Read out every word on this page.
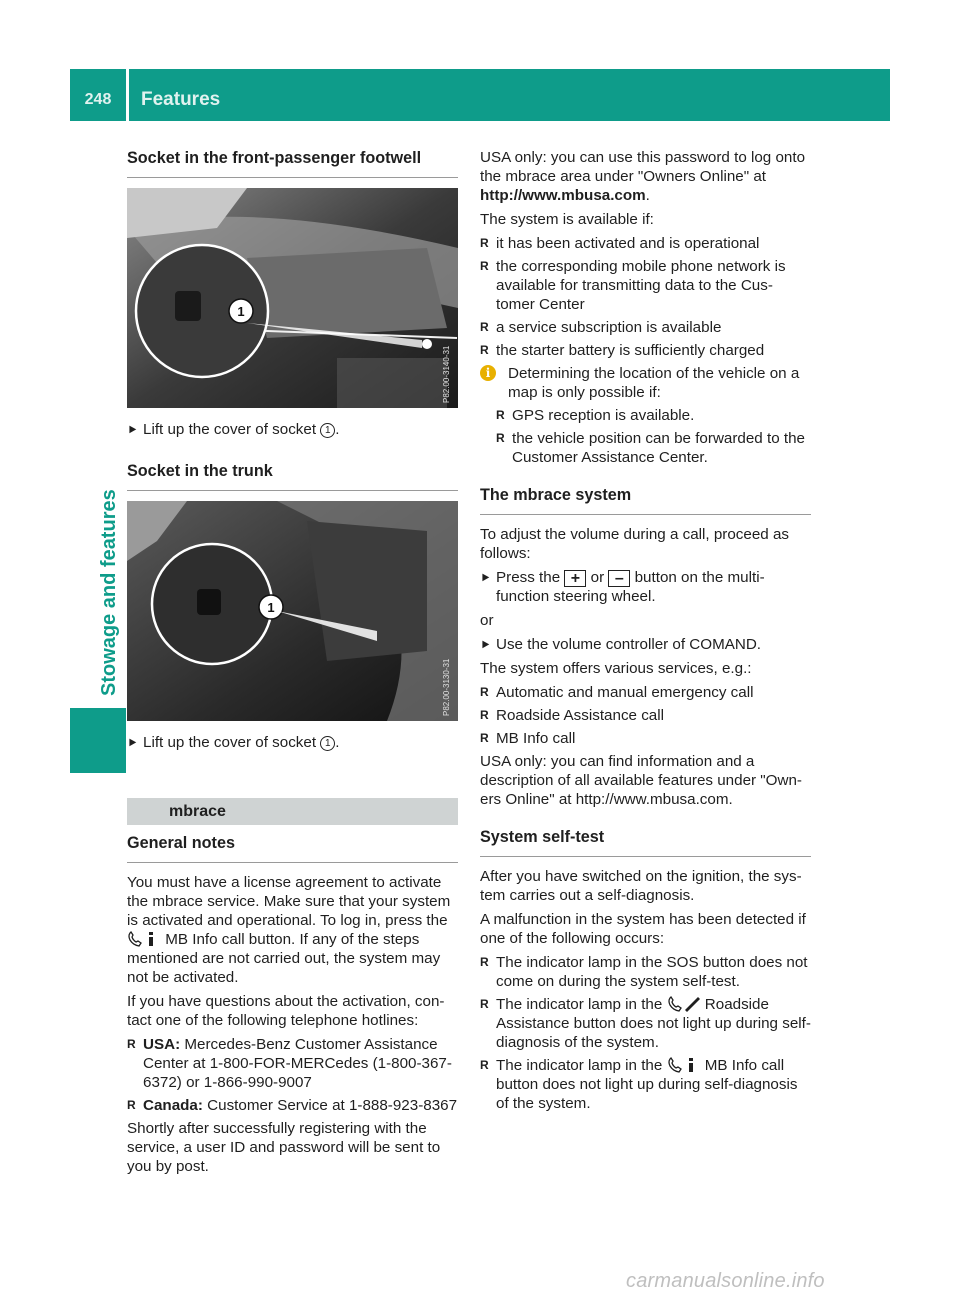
248	Features
Stowage and features
Socket in the front-passenger footwell
1
P82.00-3140-31
▶ Lift up the cover of socket 1 .
Socket in the trunk
1
P82.00-3130-31
▶ Lift up the cover of socket 1 .
mbrace
General notes

You must have a license agreement to activate the mbrace service. Make sure that your system is activated and operational. To log in, press the  MB Info call button. If any of the steps mentioned are not carried out, the system may not be activated.

If you have questions about the activation, con-tact one of the following telephone hotlines:

R USA: Mercedes-Benz Customer Assistance Center at 1-800-FOR-MERCedes (1-800-367-6372) or 1-866-990-9007
R Canada: Customer Service at 1-888-923-8367

Shortly after successfully registering with the service, a user ID and password will be sent to you by post.

USA only: you can use this password to log onto the mbrace area under "Owners Online" at http://www.mbusa.com.

The system is available if:

R it has been activated and is operational
R the corresponding mobile phone network is available for transmitting data to the Cus-tomer Center
R a service subscription is available
R the starter battery is sufficiently charged
i	Determining the location of the vehicle on a map is only possible if:
R GPS reception is available.
R the vehicle position can be forwarded to the Customer Assistance Center.
The mbrace system

To adjust the volume during a call, proceed as follows:

▶ Press the + or – button on the multi-function steering wheel.

or

▶ Use the volume controller of COMAND.

The system offers various services, e.g.:

R Automatic and manual emergency call
R Roadside Assistance call
R MB Info call

USA only: you can find information and a description of all available features under "Own-ers Online" at http://www.mbusa.com.

System self-test

After you have switched on the ignition, the sys-tem carries out a self-diagnosis.

A malfunction in the system has been detected if one of the following occurs:

R The indicator lamp in the SOS button does not come on during the system self-test.
R The indicator lamp in the	Roadside Assistance button does not light up during self-diagnosis of the system.
R The indicator lamp in the	MB Info call button does not light up during self-diagnosis of the system.
carmanualsonline.info
